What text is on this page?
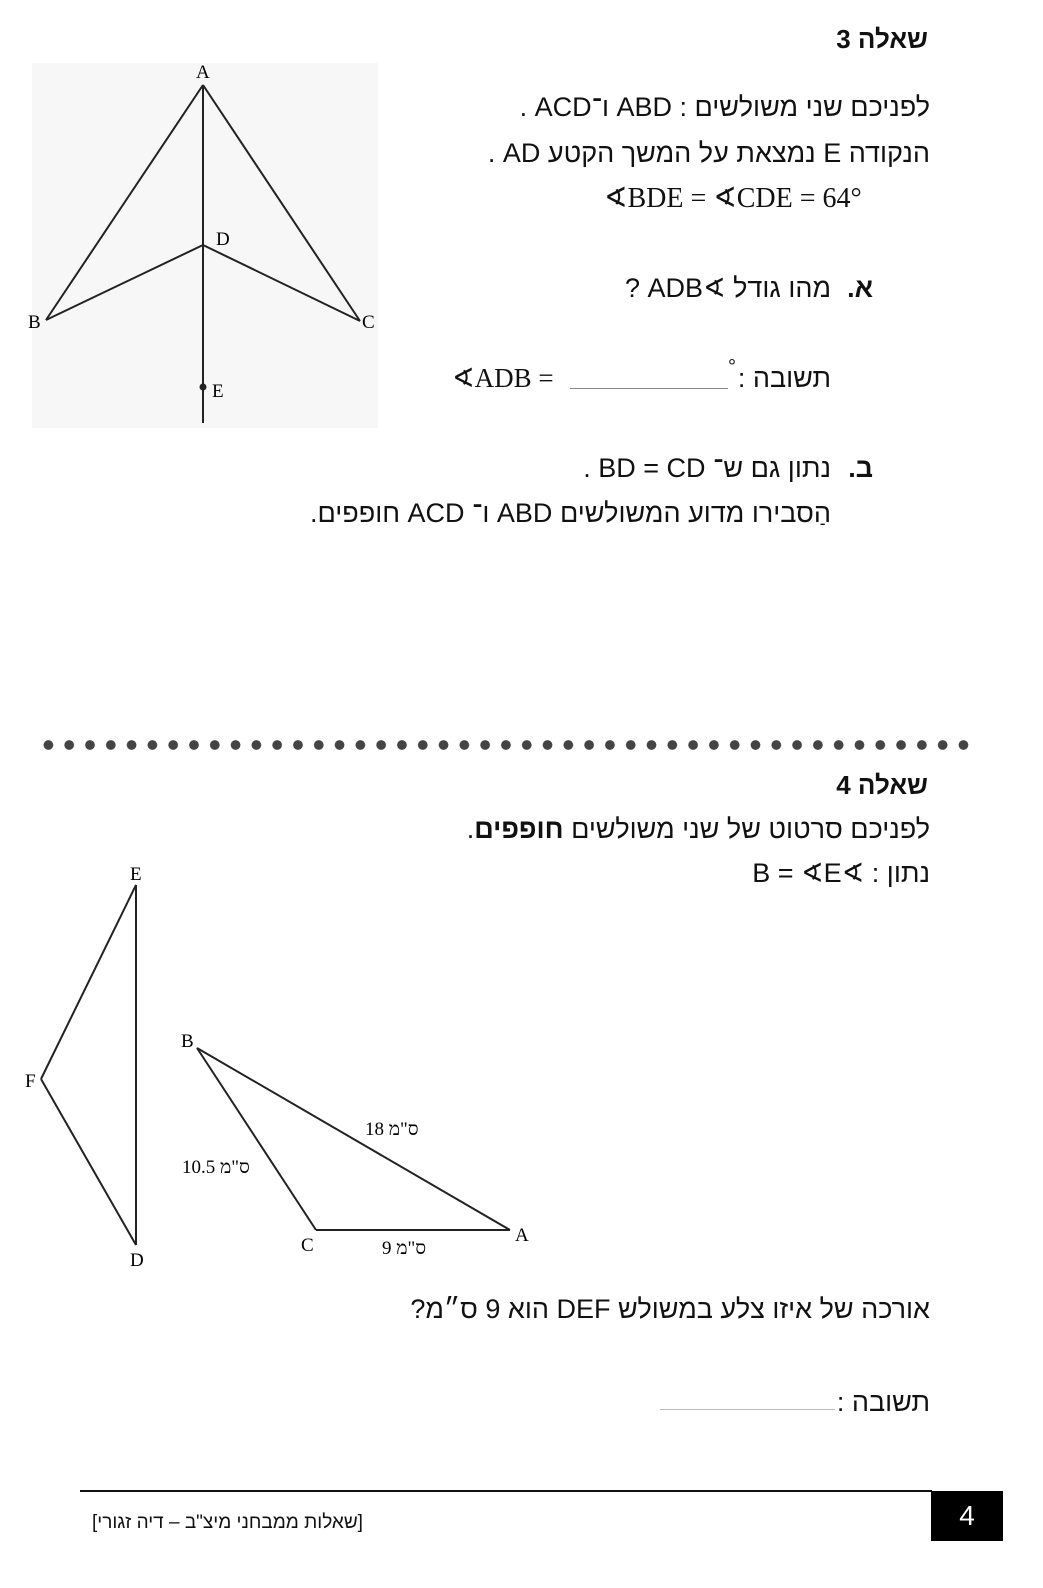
שאלה 3
A
B	C
D
E
לפניכם שני משולשים : ABD ו־ACD .
הנקודה E נמצאת על המשך הקטע AD .
∢BDE = ∢CDE = 64°
א.
מהו גודל ∢ADB ?
תשובה :
°
∢ADB =
ב.
נתון גם ש־ BD = CD .
הַסבירו מדוע המשולשים ABD ו־ ACD חופפים.
שאלה 4
לפניכם סרטוט של שני משולשים חופפים.
נתון : ∢B = ∢E
E
F
D
B
C	A
18 ס"מ
10.5 ס"מ
9 ס"מ
אורכה של איזו צלע במשולש DEF הוא 9 ס״מ?
תשובה :
[שאלות ממבחני מיצ"ב – דיה זגורי]	4
